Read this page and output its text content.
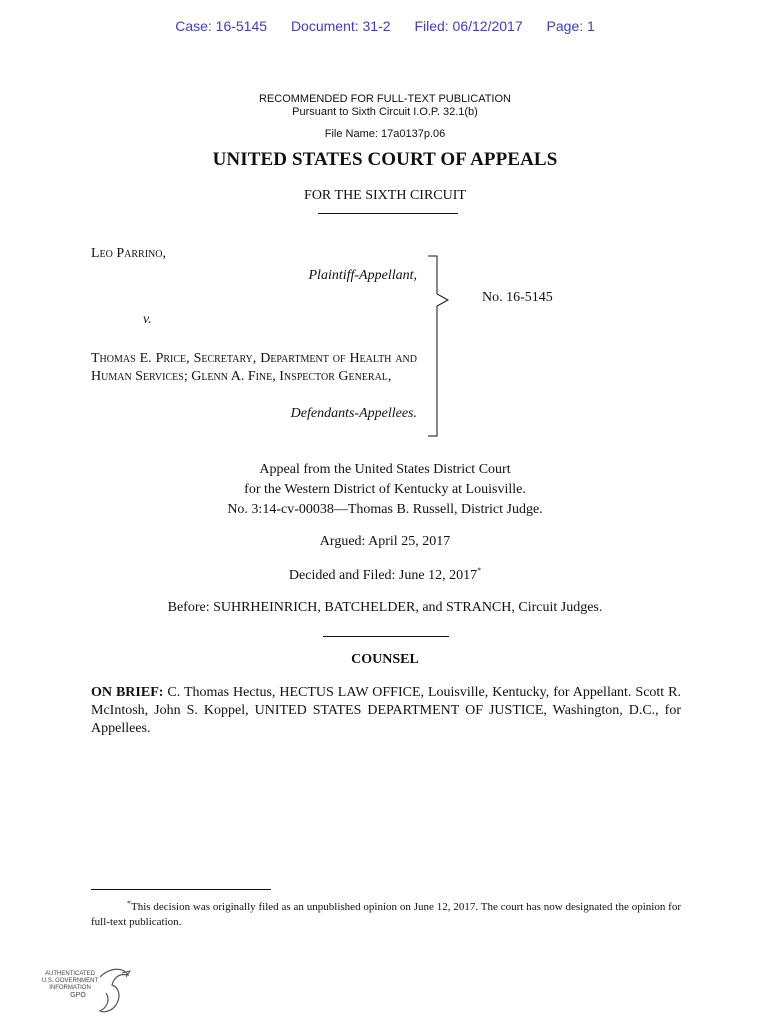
Case: 16-5145 Document: 31-2 Filed: 06/12/2017 Page: 1
RECOMMENDED FOR FULL-TEXT PUBLICATION
Pursuant to Sixth Circuit I.O.P. 32.1(b)
File Name: 17a0137p.06
UNITED STATES COURT OF APPEALS
FOR THE SIXTH CIRCUIT
Leo Parrino,
Plaintiff-Appellant,
v.
Thomas E. Price, Secretary, Department of Health and Human Services; Glenn A. Fine, Inspector General,
Defendants-Appellees.
No. 16-5145
Appeal from the United States District Court
for the Western District of Kentucky at Louisville.
No. 3:14-cv-00038—Thomas B. Russell, District Judge.
Argued: April 25, 2017
Decided and Filed: June 12, 2017*
Before: SUHRHEINRICH, BATCHELDER, and STRANCH, Circuit Judges.
COUNSEL
ON BRIEF: C. Thomas Hectus, HECTUS LAW OFFICE, Louisville, Kentucky, for Appellant. Scott R. McIntosh, John S. Koppel, UNITED STATES DEPARTMENT OF JUSTICE, Washington, D.C., for Appellees.
*This decision was originally filed as an unpublished opinion on June 12, 2017. The court has now designated the opinion for full-text publication.
AUTHENTICATED
U.S. GOVERNMENT
INFORMATION
GPO
